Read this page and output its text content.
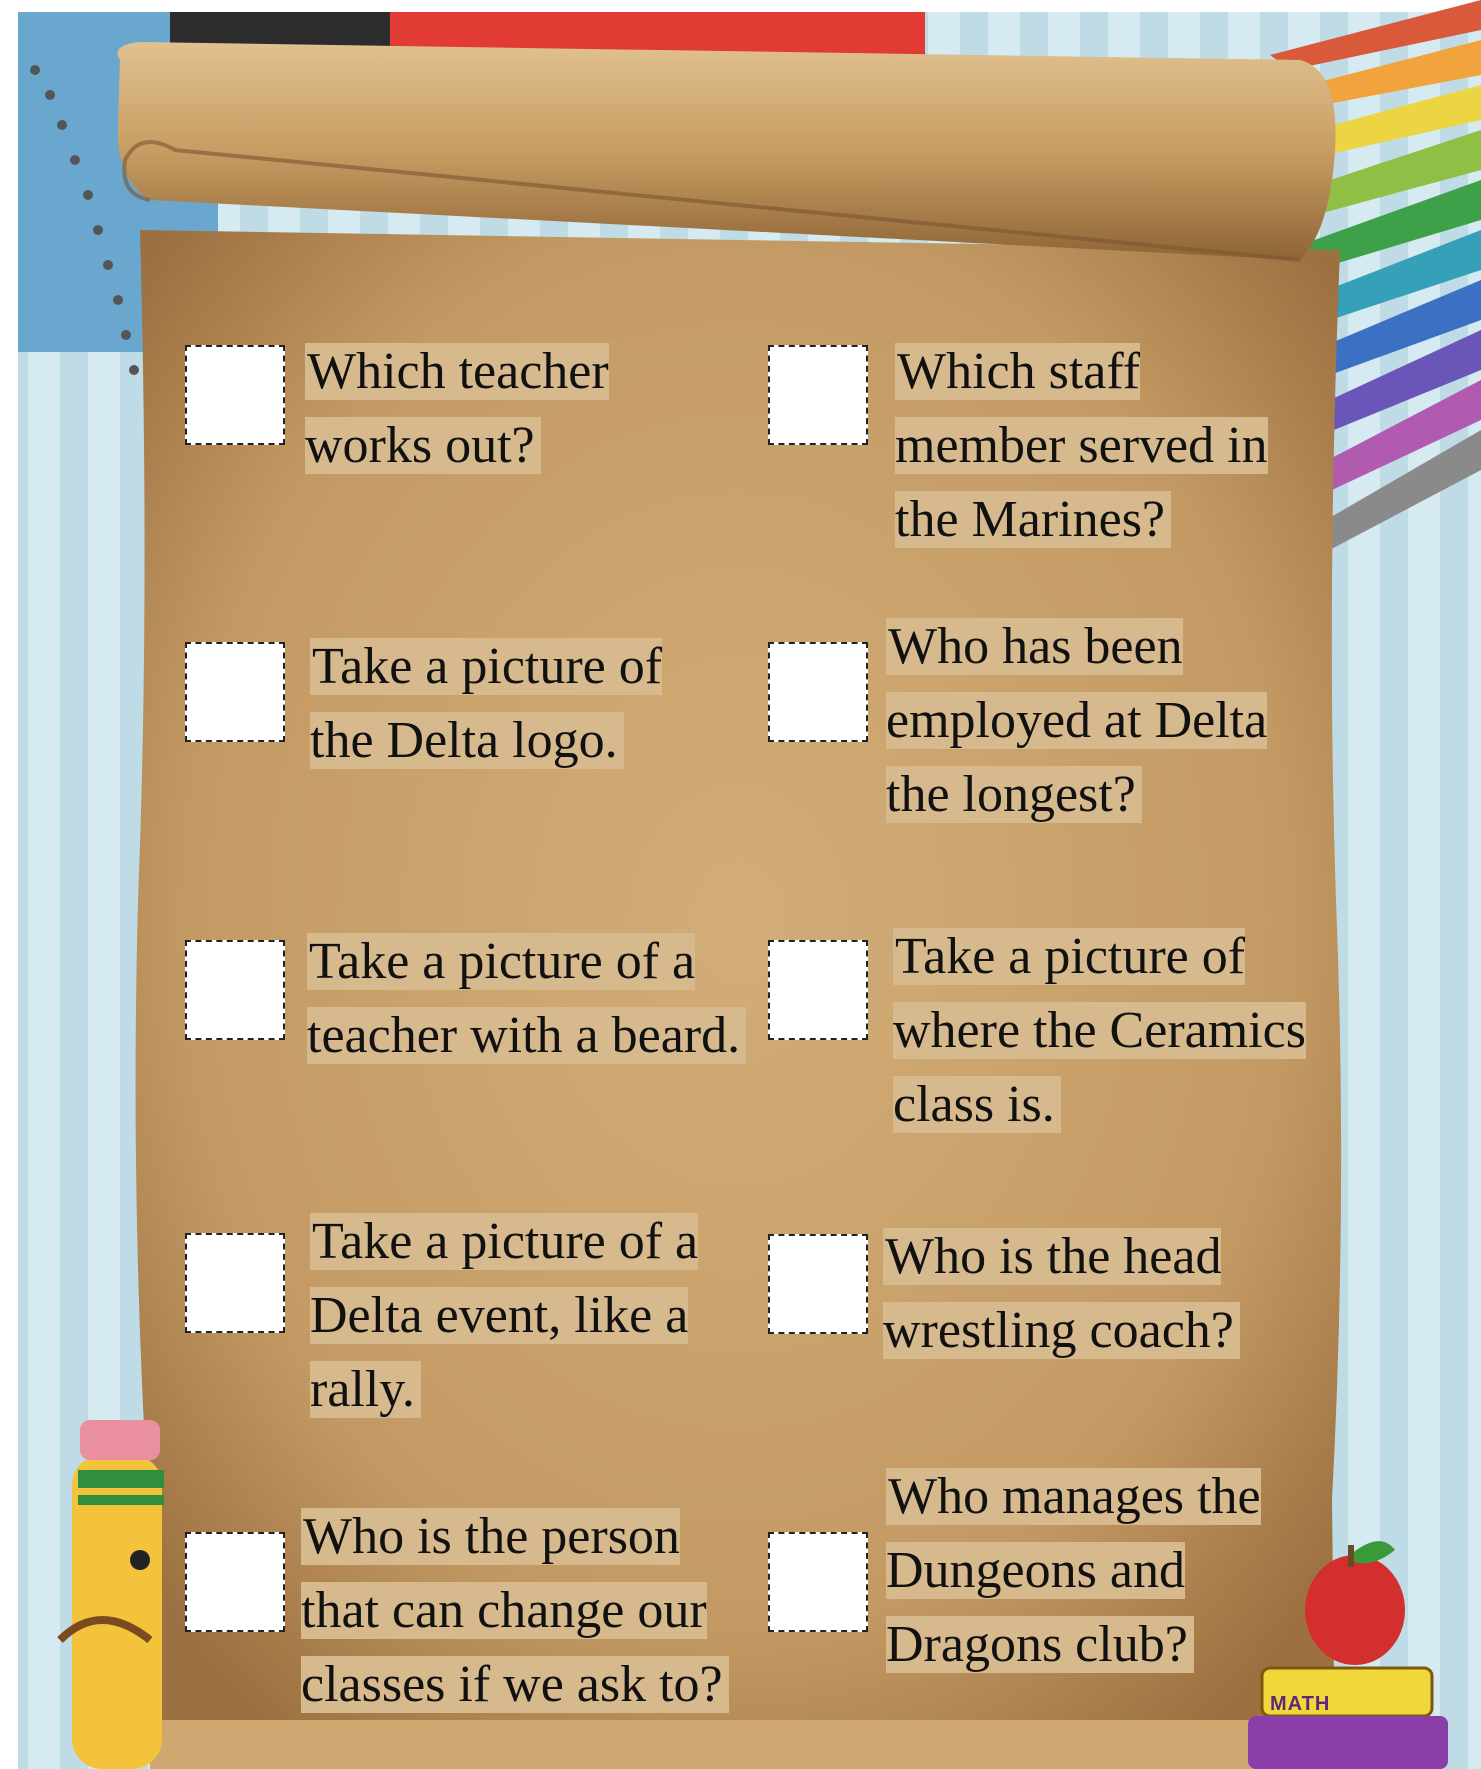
Which teacher works out?
Which staff member served in the Marines?
Take a picture of the Delta logo.
Who has been employed at Delta the longest?
Take a picture of a teacher with a beard.
Take a picture of where the Ceramics class is.
Take a picture of a Delta event, like a rally.
Who is the head wrestling coach?
Who is the person that can change our classes if we ask to?
Who manages the Dungeons and Dragons club?
MATH
